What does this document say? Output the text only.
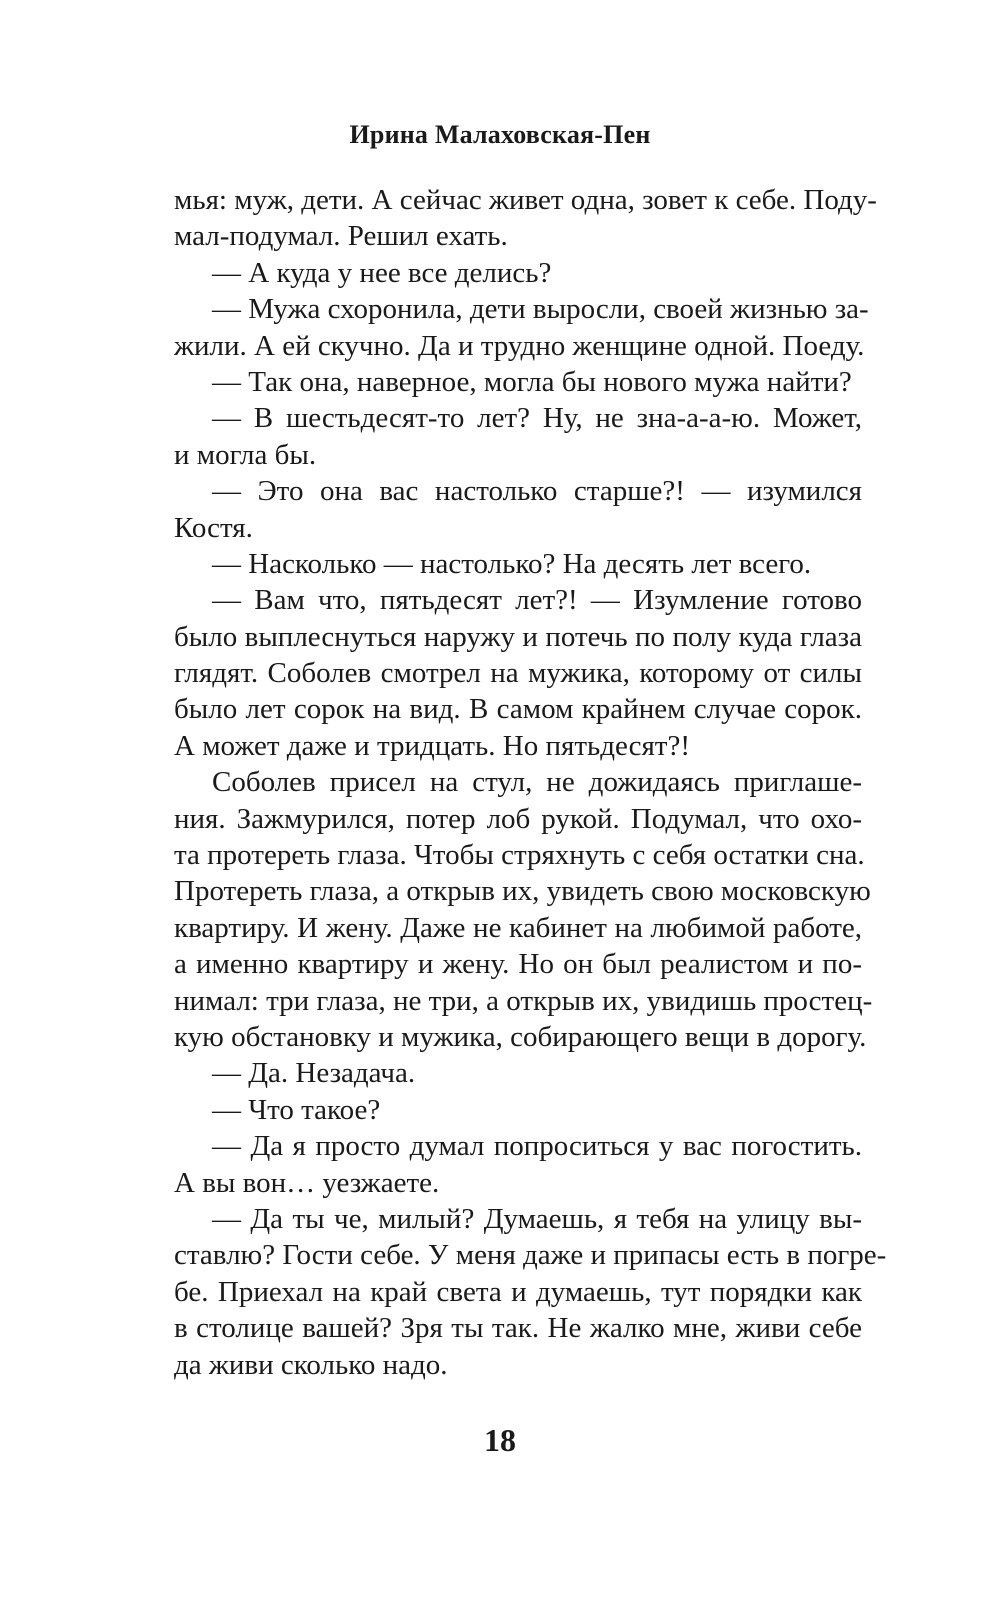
Ирина Малаховская-Пен
мья: муж, дети. А сейчас живет одна, зовет к себе. Поду-
мал-подумал. Решил ехать.
— А куда у нее все делись?
— Мужа схоронила, дети выросли, своей жизнью за-
жили. А ей скучно. Да и трудно женщине одной. Поеду.
— Так она, наверное, могла бы нового мужа найти?
— В шестьдесят-то лет? Ну, не зна-а-а-ю. Может,
и могла бы.
— Это она вас настолько старше?! — изумился
Костя.
— Насколько — настолько? На десять лет всего.
— Вам что, пятьдесят лет?! — Изумление готово
было выплеснуться наружу и потечь по полу куда глаза
глядят. Соболев смотрел на мужика, которому от силы
было лет сорок на вид. В самом крайнем случае сорок.
А может даже и тридцать. Но пятьдесят?!
Соболев присел на стул, не дожидаясь приглаше-
ния. Зажмурился, потер лоб рукой. Подумал, что охо-
та протереть глаза. Чтобы стряхнуть с себя остатки сна.
Протереть глаза, а открыв их, увидеть свою московскую
квартиру. И жену. Даже не кабинет на любимой работе,
а именно квартиру и жену. Но он был реалистом и по-
нимал: три глаза, не три, а открыв их, увидишь простец-
кую обстановку и мужика, собирающего вещи в дорогу.
— Да. Незадача.
— Что такое?
— Да я просто думал попроситься у вас погостить.
А вы вон… уезжаете.
— Да ты че, милый? Думаешь, я тебя на улицу вы-
ставлю? Гости себе. У меня даже и припасы есть в погре-
бе. Приехал на край света и думаешь, тут порядки как
в столице вашей? Зря ты так. Не жалко мне, живи себе
да живи сколько надо.
18
